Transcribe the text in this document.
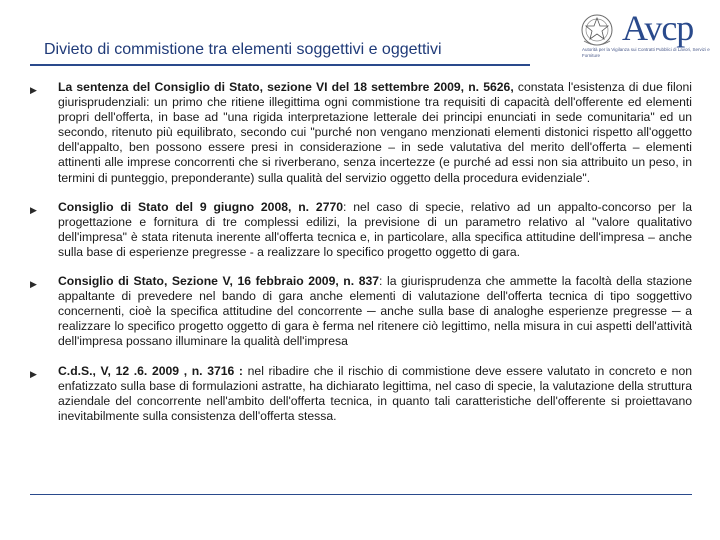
Divieto di commistione tra elementi soggettivi e oggettivi
Avcp
Autorità per la Vigilanza sui Contratti Pubblici di Lavori, Servizi e Forniture
▶ La sentenza del Consiglio di Stato, sezione VI del 18 settembre 2009, n. 5626, constata l'esistenza di due filoni giurisprudenziali: un primo che ritiene illegittima ogni commistione tra requisiti di capacità dell'offerente ed elementi propri dell'offerta, in base ad "una rigida interpretazione letterale dei principi enunciati in sede comunitaria" ed un secondo, ritenuto più equilibrato, secondo cui "purché non vengano menzionati elementi distonici rispetto all'oggetto dell'appalto, ben possono essere presi in considerazione – in sede valutativa del merito dell'offerta – elementi attinenti alle imprese concorrenti che si riverberano, senza incertezze (e purché ad essi non sia attribuito un peso, in termini di punteggio, preponderante) sulla qualità del servizio oggetto della procedura evidenziale".
▶ Consiglio di Stato del 9 giugno 2008, n. 2770: nel caso di specie, relativo ad un appalto-concorso per la progettazione e fornitura di tre complessi edilizi, la previsione di un parametro relativo al "valore qualitativo dell'impresa" è stata ritenuta inerente all'offerta tecnica e, in particolare, alla specifica attitudine dell'impresa – anche sulla base di esperienze pregresse - a realizzare lo specifico progetto oggetto di gara.
▶ Consiglio di Stato, Sezione V, 16 febbraio 2009, n. 837: la giurisprudenza che ammette la facoltà della stazione appaltante di prevedere nel bando di gara anche elementi di valutazione dell'offerta tecnica di tipo soggettivo concernenti, cioè la specifica attitudine del concorrente ─ anche sulla base di analoghe esperienze pregresse ─ a realizzare lo specifico progetto oggetto di gara è ferma nel ritenere ciò legittimo, nella misura in cui aspetti dell'attività dell'impresa possano illuminare la qualità dell'impresa
▶ C.d.S., V, 12 .6. 2009 , n. 3716 : nel ribadire che il rischio di commistione deve essere valutato in concreto e non enfatizzato sulla base di formulazioni astratte, ha dichiarato legittima, nel caso di specie, la valutazione della struttura aziendale del concorrente nell'ambito dell'offerta tecnica, in quanto tali caratteristiche dell'offerente si proiettavano inevitabilmente sulla consistenza dell'offerta stessa.
